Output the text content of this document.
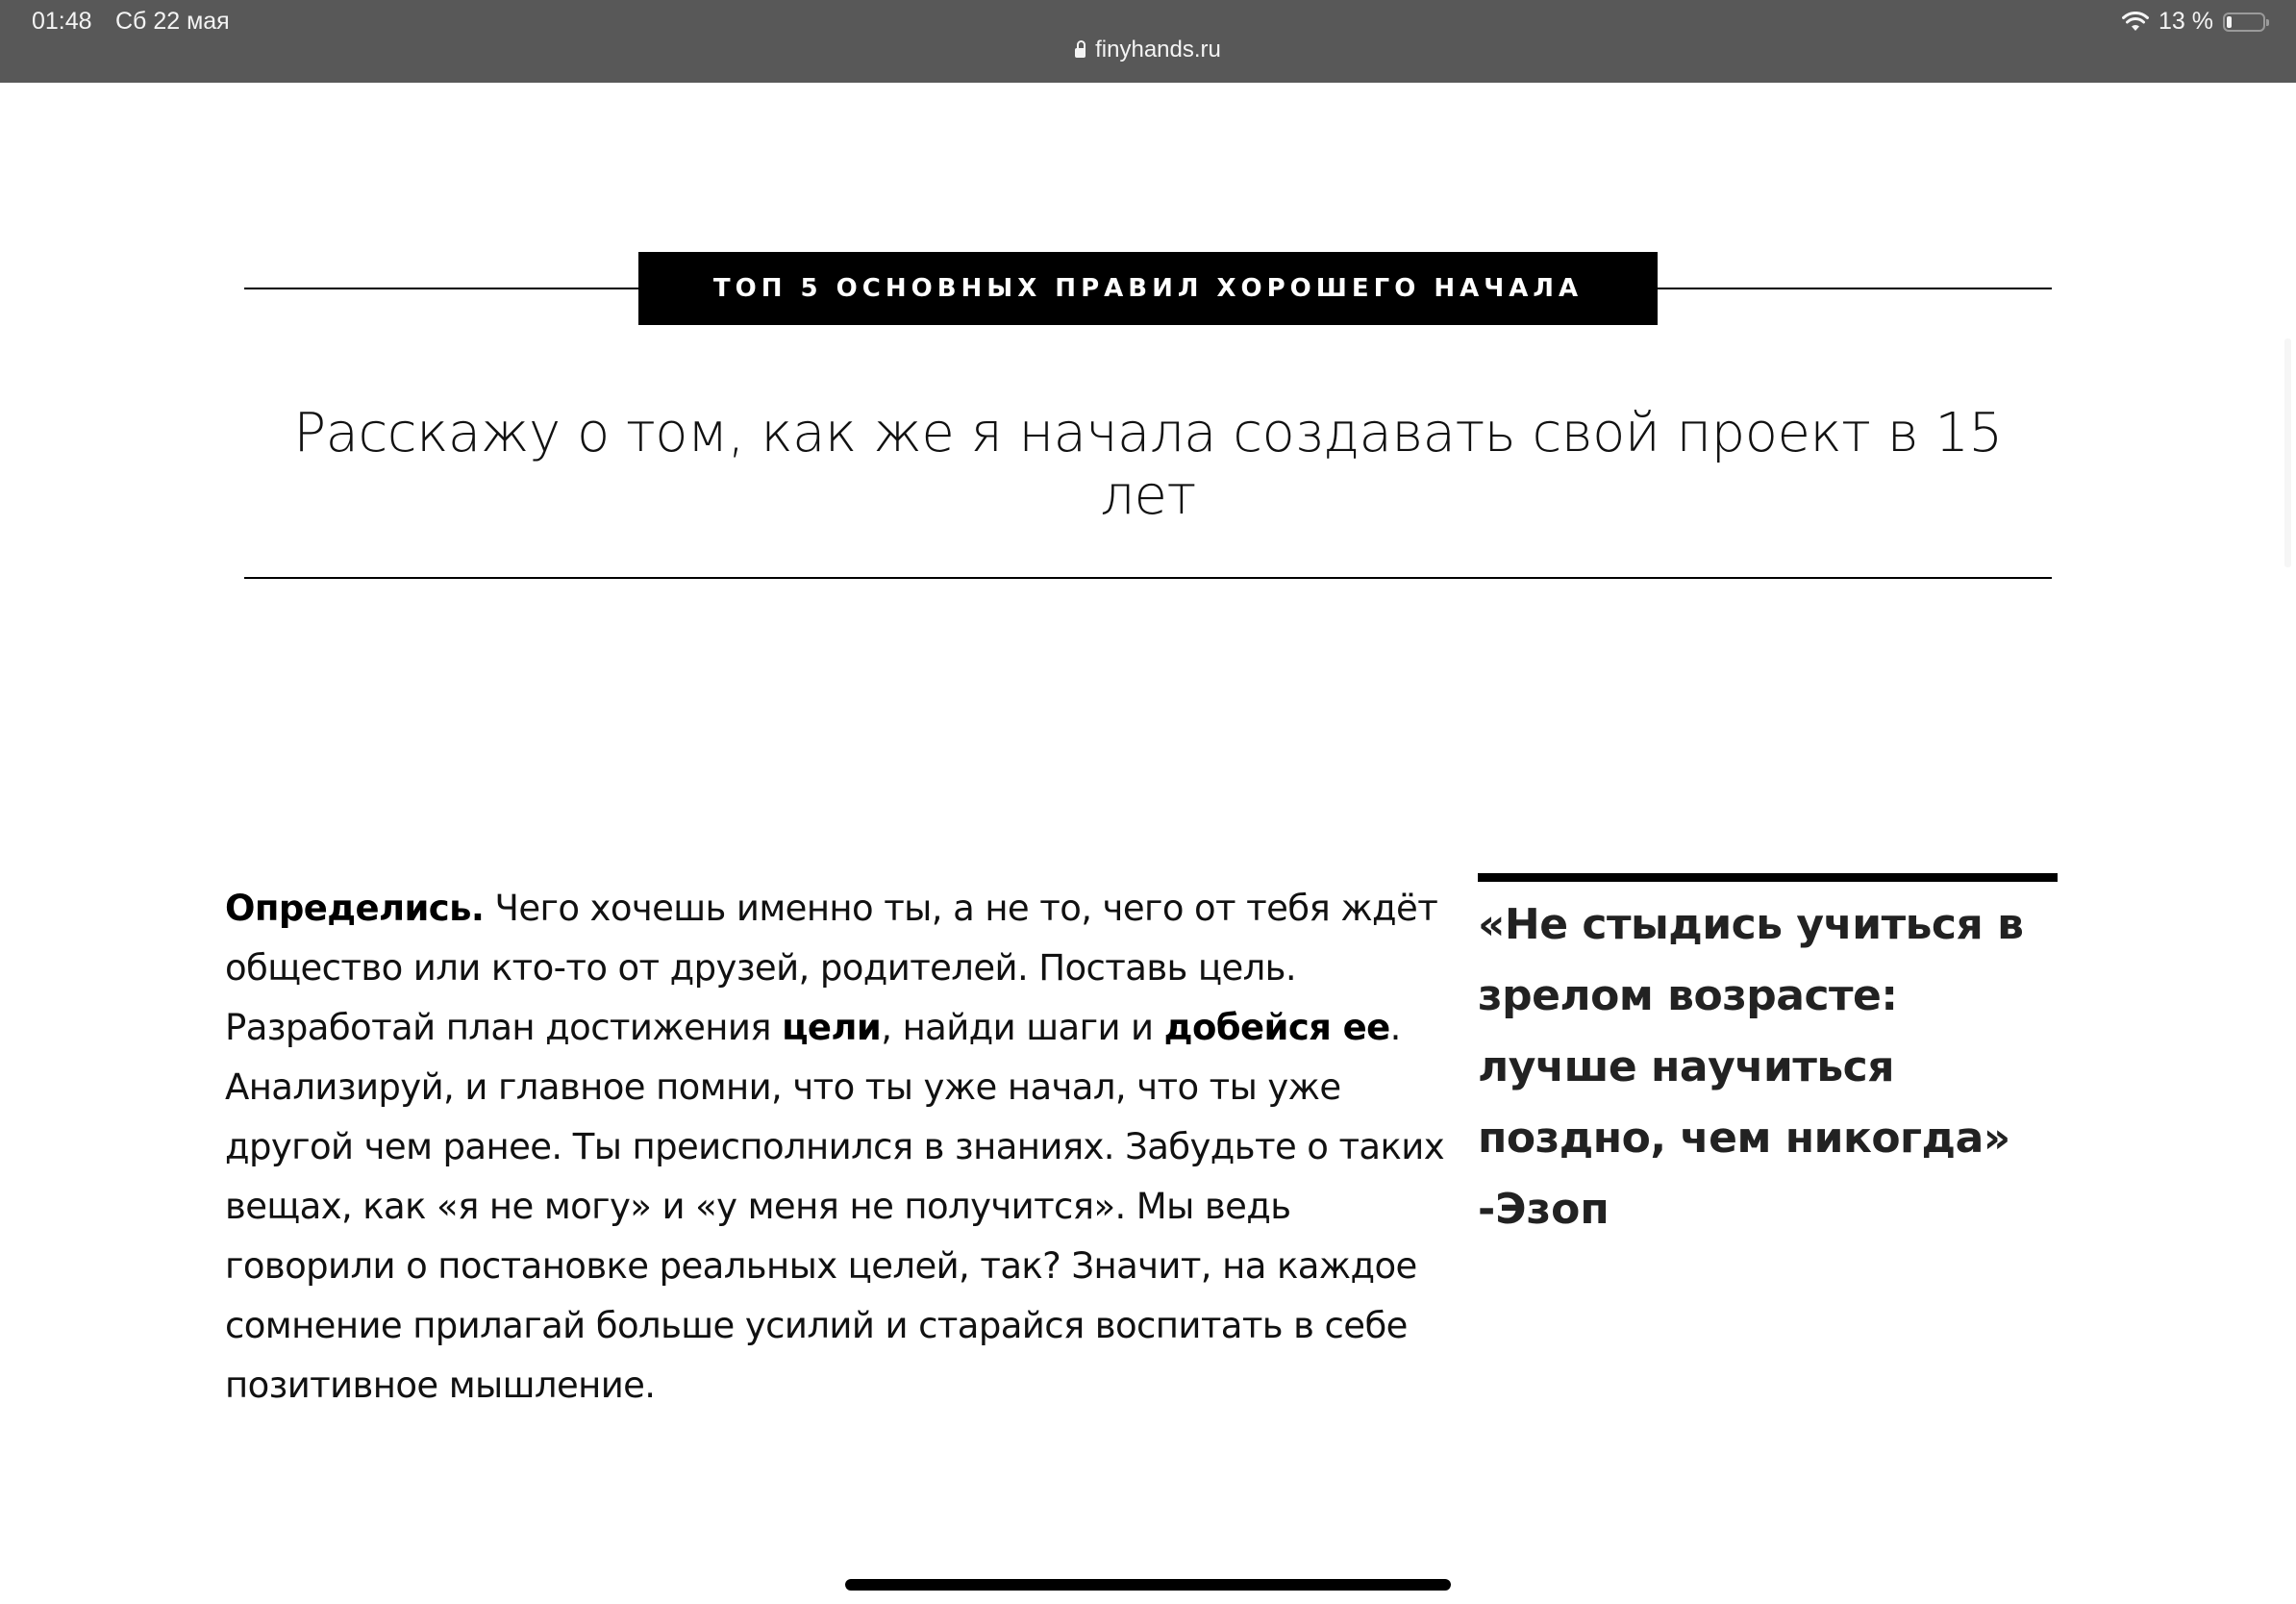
01:48 Сб 22 мая
finyhands.ru
13 %
ТОП 5 ОСНОВНЫХ ПРАВИЛ ХОРОШЕГО НАЧАЛА
Расскажу о том, как же я начала создавать свой проект в 15 лет
Определись. Чего хочешь именно ты, а не то, чего от тебя ждёт общество или кто-то от друзей, родителей. Поставь цель. Разработай план достижения цели, найди шаги и добейся ее. Анализируй, и главное помни, что ты уже начал, что ты уже другой чем ранее. Ты преисполнился в знаниях. Забудьте о таких вещах, как «я не могу» и «у меня не получится». Мы ведь говорили о постановке реальных целей, так? Значит, на каждое сомнение прилагай больше усилий и старайся воспитать в себе позитивное мышление.
«Не стыдись учиться в зрелом возрасте: лучше научиться поздно, чем никогда»
-Эзоп
